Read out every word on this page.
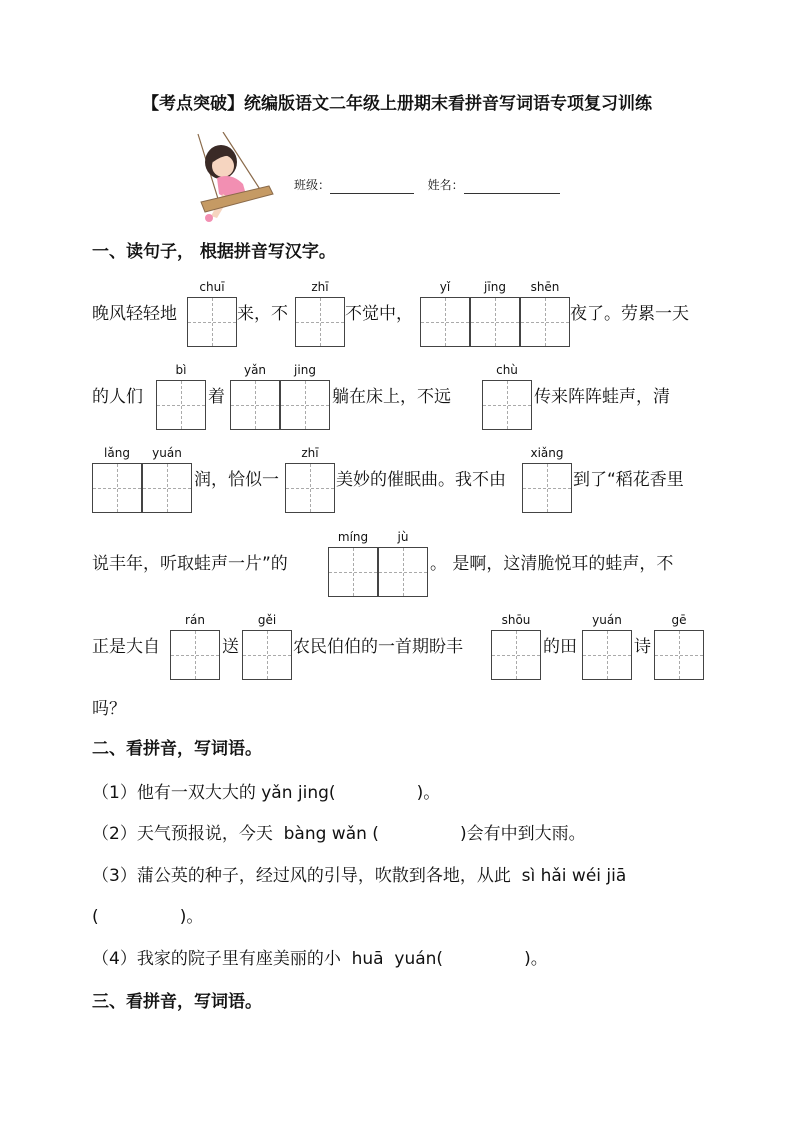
【考点突破】统编版语文二年级上册期末看拼音写词语专项复习训练
班级：	姓名：
一、读句子， 根据拼音写汉字。
晚风轻轻地
chuī
来，不
zhī
不觉中，
yǐ	jīng	shēn
夜了。劳累一天
的人们
bì
着
yǎn	jing
躺在床上，不远
chù
传来阵阵蛙声，清
lǎng	yuán
润，恰似一
zhī
美妙的催眠曲。我不由
xiǎng
到了“稻花香里
说丰年，听取蛙声一片”的
míng	jù
。 是啊，这清脆悦耳的蛙声，不
正是大自
rán
送
gěi
农民伯伯的一首期盼丰
shōu
的田
yuán
诗
gē
吗？
二、看拼音，写词语。
（1）他有一双大大的 yǎn jing(               )。
（2）天气预报说，今天  bàng wǎn (               )会有中到大雨。
（3）蒲公英的种子，经过风的引导，吹散到各地，从此  sì hǎi wéi jiā
(               )。
（4）我家的院子里有座美丽的小  huā  yuán(               )。
三、看拼音，写词语。
